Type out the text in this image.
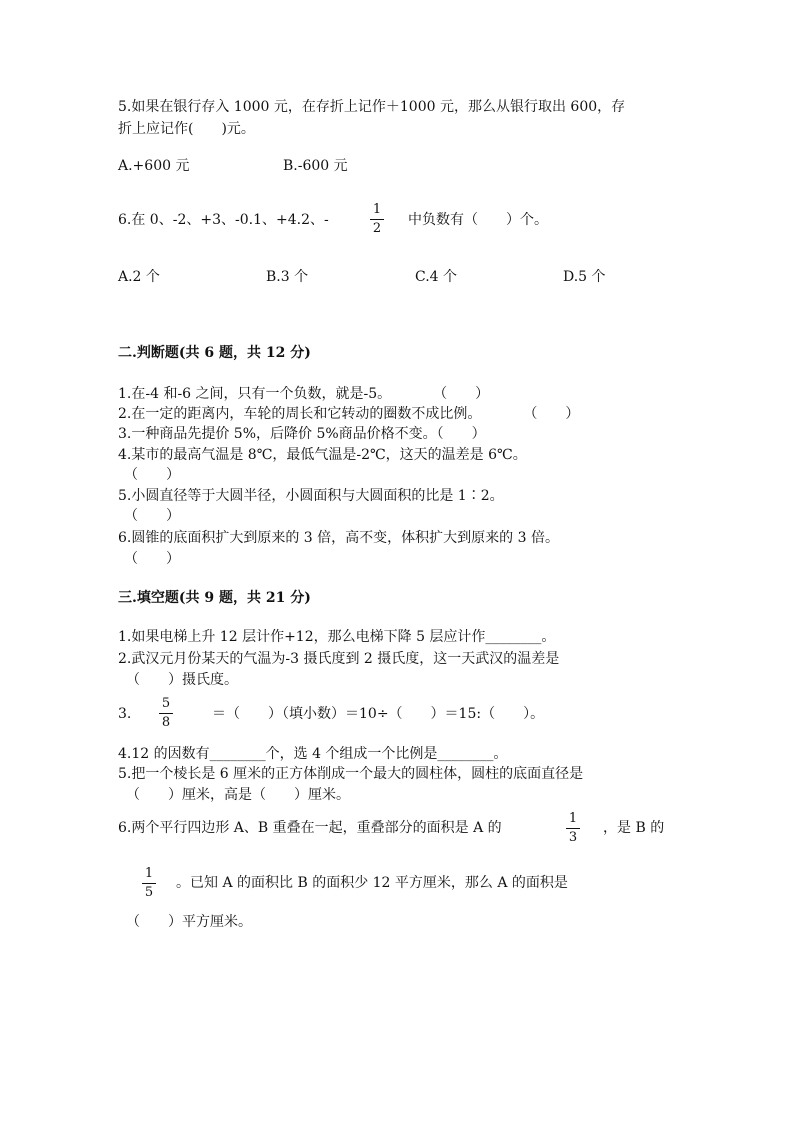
5.如果在银行存入 1000 元，在存折上记作＋1000 元，那么从银行取出 600，存
折上应记作(　　)元。
A.+600 元	B.-600 元
6.在 0、-2、+3、-0.1、+4.2、-
1
2
中负数有（　　）个。
A.2 个	B.3 个	C.4 个	D.5 个
二.判断题(共 6 题，共 12 分)
1.在-4 和-6 之间，只有一个负数，就是-5。　　　　（　　）
2.在一定的距离内，车轮的周长和它转动的圈数不成比例。　　　　（　　）
3.一种商品先提价 5%，后降价 5%商品价格不变。（　　）
4.某市的最高气温是 8℃，最低气温是-2℃，这天的温差是 6℃。
（　　）
5.小圆直径等于大圆半径，小圆面积与大圆面积的比是 1∶2。
（　　）
6.圆锥的底面积扩大到原来的 3 倍，高不变，体积扩大到原来的 3 倍。
（　　）
三.填空题(共 9 题，共 21 分)
1.如果电梯上升 12 层计作+12，那么电梯下降 5 层应计作________。
2.武汉元月份某天的气温为-3 摄氏度到 2 摄氏度，这一天武汉的温差是
（　　）摄氏度。
3.
5
8
＝（　　）（填小数）＝10÷（　　）＝15:（　　）。
4.12 的因数有________个，选 4 个组成一个比例是________。
5.把一个棱长是 6 厘米的正方体削成一个最大的圆柱体，圆柱的底面直径是
（　　）厘米，高是（　　）厘米。
6.两个平行四边形 A、B 重叠在一起，重叠部分的面积是 A 的
1
3
，是 B 的
1
5
。已知 A 的面积比 B 的面积少 12 平方厘米，那么 A 的面积是
（　　）平方厘米。
